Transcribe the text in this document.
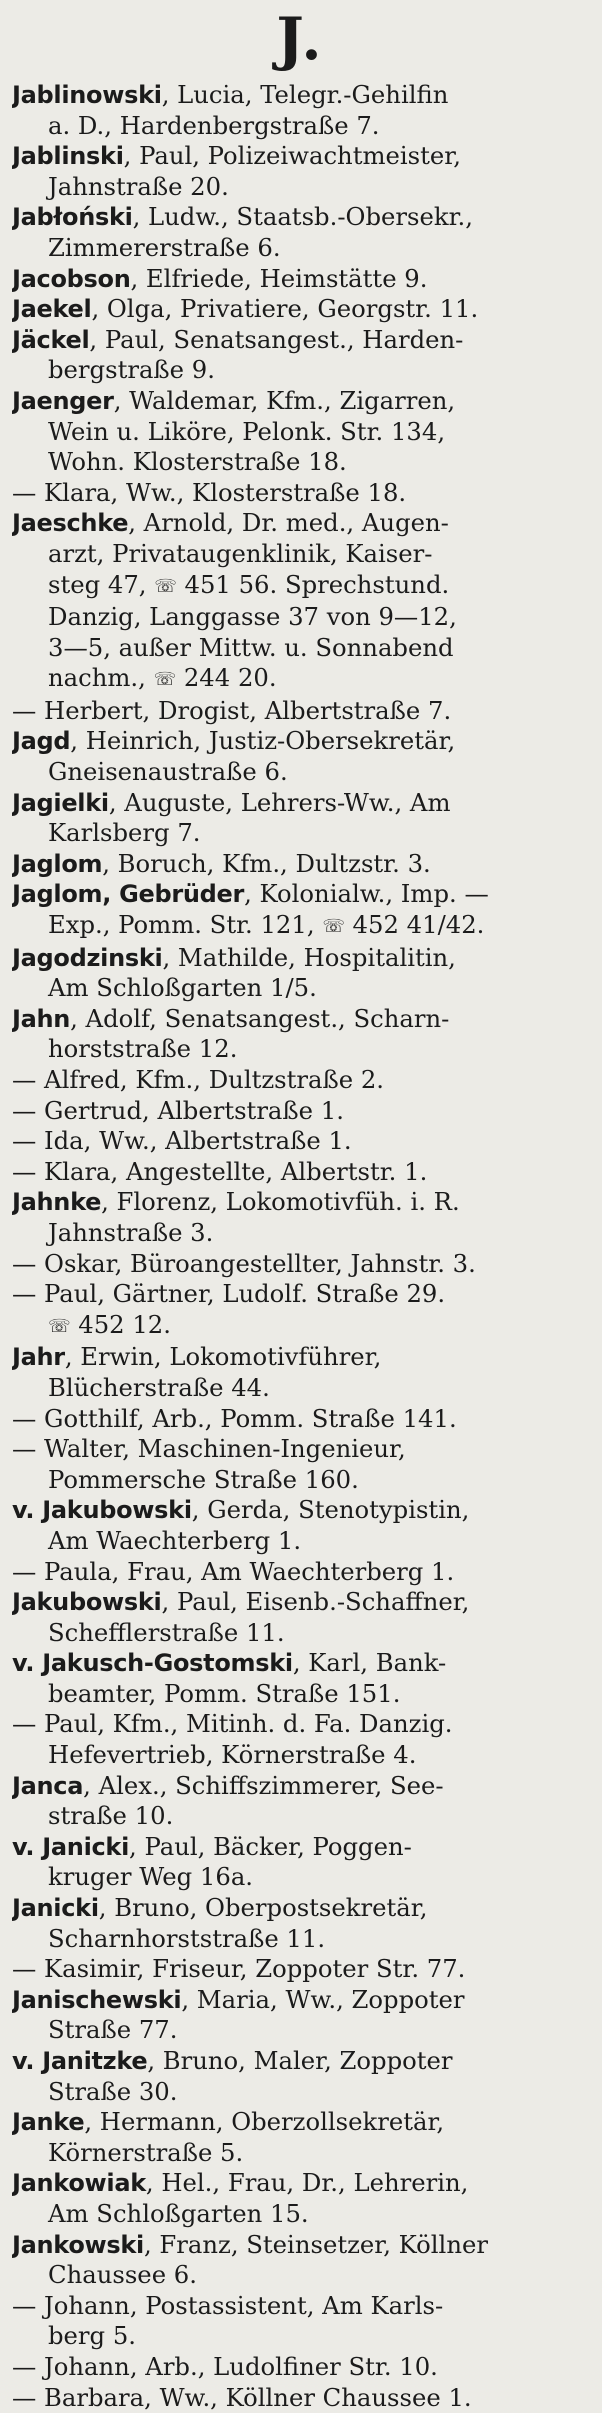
J.
Jablinowski, Lucia, Telegr.-Gehilfin
a. D., Hardenbergstraße 7.
Jablinski, Paul, Polizeiwachtmeister,
Jahnstraße 20.
Jabłoński, Ludw., Staatsb.-Obersekr.,
Zimmererstraße 6.
Jacobson, Elfriede, Heimstätte 9.
Jaekel, Olga, Privatiere, Georgstr. 11.
Jäckel, Paul, Senatsangest., Harden-
bergstraße 9.
Jaenger, Waldemar, Kfm., Zigarren,
Wein u. Liköre, Pelonk. Str. 134,
Wohn. Klosterstraße 18.
— Klara, Ww., Klosterstraße 18.
Jaeschke, Arnold, Dr. med., Augen-
arzt, Privataugenklinik, Kaiser-
steg 47, ☏ 451 56. Sprechstund.
Danzig, Langgasse 37 von 9—12,
3—5, außer Mittw. u. Sonnabend
nachm., ☏ 244 20.
— Herbert, Drogist, Albertstraße 7.
Jagd, Heinrich, Justiz-Obersekretär,
Gneisenaustraße 6.
Jagielki, Auguste, Lehrers-Ww., Am
Karlsberg 7.
Jaglom, Boruch, Kfm., Dultzstr. 3.
Jaglom, Gebrüder, Kolonialw., Imp. —
Exp., Pomm. Str. 121, ☏ 452 41/42.
Jagodzinski, Mathilde, Hospitalitin,
Am Schloßgarten 1/5.
Jahn, Adolf, Senatsangest., Scharn-
horststraße 12.
— Alfred, Kfm., Dultzstraße 2.
— Gertrud, Albertstraße 1.
— Ida, Ww., Albertstraße 1.
— Klara, Angestellte, Albertstr. 1.
Jahnke, Florenz, Lokomotivfüh. i. R.
Jahnstraße 3.
— Oskar, Büroangestellter, Jahnstr. 3.
— Paul, Gärtner, Ludolf. Straße 29.
☏ 452 12.
Jahr, Erwin, Lokomotivführer,
Blücherstraße 44.
— Gotthilf, Arb., Pomm. Straße 141.
— Walter, Maschinen-Ingenieur,
Pommersche Straße 160.
v. Jakubowski, Gerda, Stenotypistin,
Am Waechterberg 1.
— Paula, Frau, Am Waechterberg 1.
Jakubowski, Paul, Eisenb.-Schaffner,
Schefflerstraße 11.
v. Jakusch-Gostomski, Karl, Bank-
beamter, Pomm. Straße 151.
— Paul, Kfm., Mitinh. d. Fa. Danzig.
Hefevertrieb, Körnerstraße 4.
Janca, Alex., Schiffszimmerer, See-
straße 10.
v. Janicki, Paul, Bäcker, Poggen-
kruger Weg 16a.
Janicki, Bruno, Oberpostsekretär,
Scharnhorststraße 11.
— Kasimir, Friseur, Zoppoter Str. 77.
Janischewski, Maria, Ww., Zoppoter
Straße 77.
v. Janitzke, Bruno, Maler, Zoppoter
Straße 30.
Janke, Hermann, Oberzollsekretär,
Körnerstraße 5.
Jankowiak, Hel., Frau, Dr., Lehrerin,
Am Schloßgarten 15.
Jankowski, Franz, Steinsetzer, Köllner
Chaussee 6.
— Johann, Postassistent, Am Karls-
berg 5.
— Johann, Arb., Ludolfiner Str. 10.
— Barbara, Ww., Köllner Chaussee 1.
